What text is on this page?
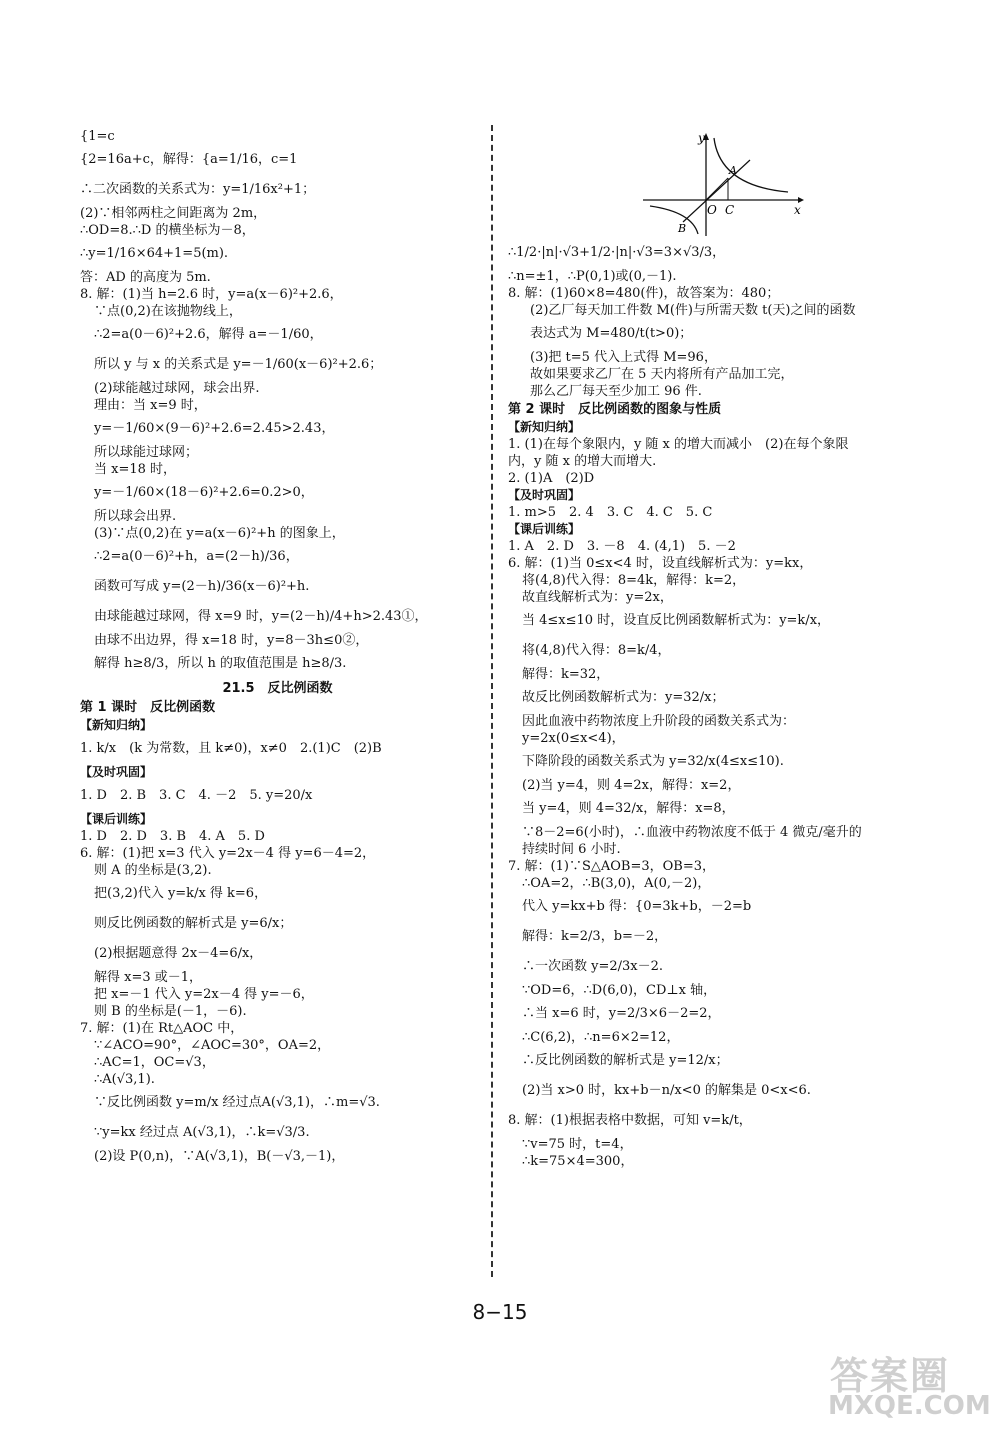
{1=c
{2=16a+c，解得：{a=1/16，c=1
∴二次函数的关系式为：y=1/16x²+1；
(2)∵相邻两柱之间距离为 2m，
∴OD=8.∴D 的横坐标为－8，
∴y=1/16×64+1=5(m).
答：AD 的高度为 5m.
8. 解：(1)当 h=2.6 时，y=a(x－6)²+2.6，
∵点(0,2)在该抛物线上，
∴2=a(0－6)²+2.6，解得 a=－1/60，
所以 y 与 x 的关系式是 y=－1/60(x－6)²+2.6；
(2)球能越过球网，球会出界.
理由：当 x=9 时，
y=－1/60×(9－6)²+2.6=2.45>2.43，
所以球能过球网；
当 x=18 时，
y=－1/60×(18－6)²+2.6=0.2>0，
所以球会出界.
(3)∵点(0,2)在 y=a(x－6)²+h 的图象上，
∴2=a(0－6)²+h，a=(2－h)/36，
函数可写成 y=(2－h)/36(x－6)²+h.
由球能越过球网，得 x=9 时，y=(2－h)/4+h>2.43①，
由球不出边界，得 x=18 时，y=8－3h≤0②，
解得 h≥8/3，所以 h 的取值范围是 h≥8/3.
21.5　反比例函数
第 1 课时　反比例函数
【新知归纳】
1. k/x　(k 为常数，且 k≠0)，x≠0　2.(1)C　(2)B
【及时巩固】
1. D　2. B　3. C　4. －2　5. y=20/x
【课后训练】
1. D　2. D　3. B　4. A　5. D
6. 解：(1)把 x=3 代入 y=2x－4 得 y=6－4=2，
则 A 的坐标是(3,2).
把(3,2)代入 y=k/x 得 k=6，
则反比例函数的解析式是 y=6/x；
(2)根据题意得 2x－4=6/x，
解得 x=3 或－1，
把 x=－1 代入 y=2x－4 得 y=－6，
则 B 的坐标是(－1，－6).
7. 解：(1)在 Rt△AOC 中，
∵∠ACO=90°，∠AOC=30°，OA=2，
∴AC=1，OC=√3，
∴A(√3,1).
∵反比例函数 y=m/x 经过点A(√3,1)，∴m=√3.
∵y=kx 经过点 A(√3,1)，∴k=√3/3.
(2)设 P(0,n)，∵A(√3,1)，B(－√3,－1)，
y
x
O
A
B
C
∴1/2·|n|·√3+1/2·|n|·√3=3×√3/3，
∴n=±1，∴P(0,1)或(0,－1).
8. 解：(1)60×8=480(件)，故答案为：480；
(2)乙厂每天加工件数 M(件)与所需天数 t(天)之间的函数
表达式为 M=480/t(t>0)；
(3)把 t=5 代入上式得 M=96，
故如果要求乙厂在 5 天内将所有产品加工完，
那么乙厂每天至少加工 96 件.
第 2 课时　反比例函数的图象与性质
【新知归纳】
1. (1)在每个象限内，y 随 x 的增大而减小　(2)在每个象限
内，y 随 x 的增大而增大.
2. (1)A　(2)D
【及时巩固】
1. m>5　2. 4　3. C　4. C　5. C
【课后训练】
1. A　2. D　3. －8　4. (4,1)　5. －2
6. 解：(1)当 0≤x<4 时，设直线解析式为：y=kx，
将(4,8)代入得：8=4k，解得：k=2，
故直线解析式为：y=2x，
当 4≤x≤10 时，设直反比例函数解析式为：y=k/x，
将(4,8)代入得：8=k/4，
解得：k=32，
故反比例函数解析式为：y=32/x；
因此血液中药物浓度上升阶段的函数关系式为：
y=2x(0≤x<4)，
下降阶段的函数关系式为 y=32/x(4≤x≤10).
(2)当 y=4，则 4=2x，解得：x=2，
当 y=4，则 4=32/x，解得：x=8，
∵8－2=6(小时)，∴血液中药物浓度不低于 4 微克/毫升的
持续时间 6 小时.
7. 解：(1)∵S△AOB=3，OB=3，
∴OA=2，∴B(3,0)，A(0,－2)，
代入 y=kx+b 得：{0=3k+b，－2=b
解得：k=2/3，b=－2，
∴一次函数 y=2/3x－2.
∵OD=6，∴D(6,0)，CD⊥x 轴，
∴当 x=6 时，y=2/3×6－2=2，
∴C(6,2)，∴n=6×2=12，
∴反比例函数的解析式是 y=12/x；
(2)当 x>0 时，kx+b－n/x<0 的解集是 0<x<6.
8. 解：(1)根据表格中数据，可知 v=k/t，
∵v=75 时，t=4，
∴k=75×4=300，
8−15
答案圈
MXQE.COM
